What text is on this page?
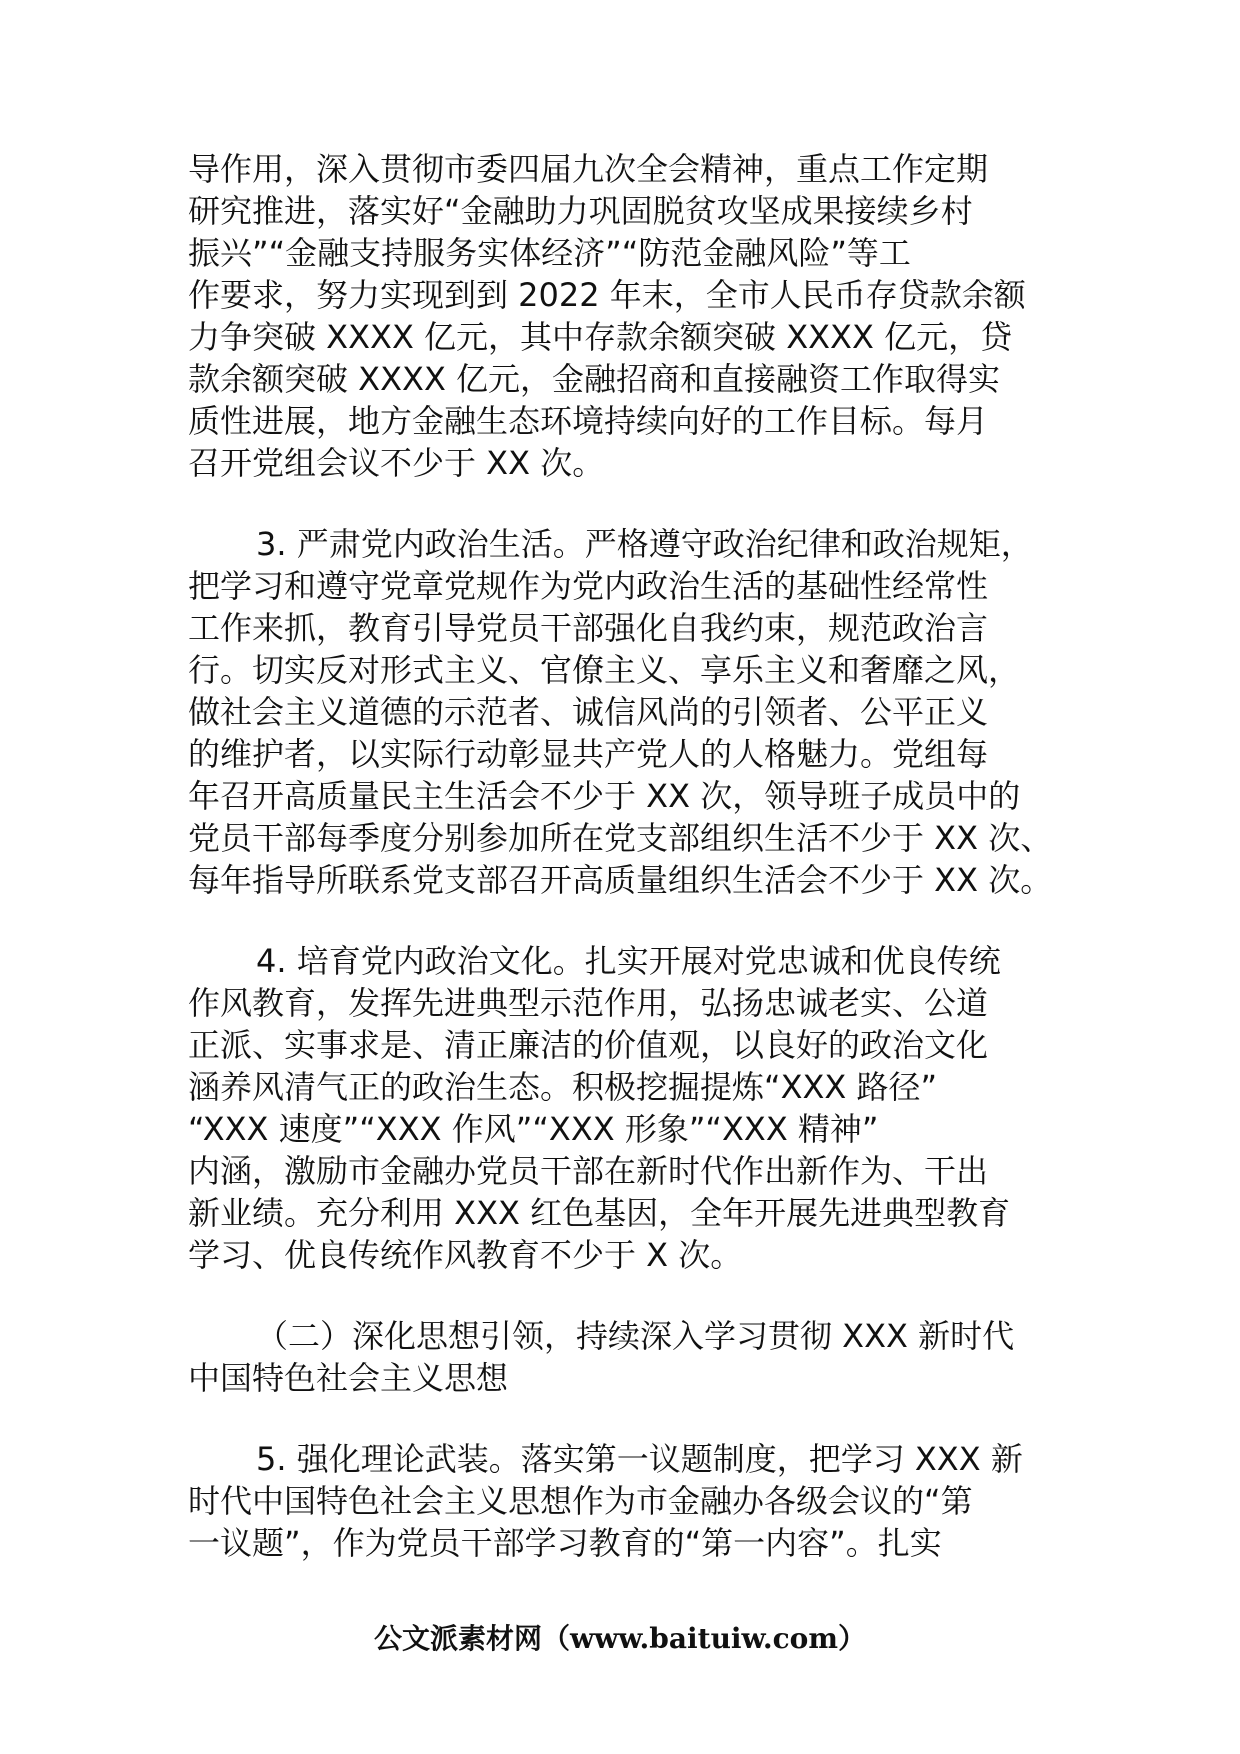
导作用，深入贯彻市委四届九次全会精神，重点工作定期
研究推进，落实好“金融助力巩固脱贫攻坚成果接续乡村
振兴”“金融支持服务实体经济”“防范金融风险”等工
作要求，努力实现到到 2022 年末，全市人民币存贷款余额
力争突破 XXXX 亿元，其中存款余额突破 XXXX 亿元，贷
款余额突破 XXXX 亿元，金融招商和直接融资工作取得实
质性进展，地方金融生态环境持续向好的工作目标。每月
召开党组会议不少于 XX 次。

3. 严肃党内政治生活。严格遵守政治纪律和政治规矩，
把学习和遵守党章党规作为党内政治生活的基础性经常性
工作来抓，教育引导党员干部强化自我约束，规范政治言
行。切实反对形式主义、官僚主义、享乐主义和奢靡之风，
做社会主义道德的示范者、诚信风尚的引领者、公平正义
的维护者，以实际行动彰显共产党人的人格魅力。党组每
年召开高质量民主生活会不少于 XX 次，领导班子成员中的
党员干部每季度分别参加所在党支部组织生活不少于 XX 次、
每年指导所联系党支部召开高质量组织生活会不少于 XX 次。

4. 培育党内政治文化。扎实开展对党忠诚和优良传统
作风教育，发挥先进典型示范作用，弘扬忠诚老实、公道
正派、实事求是、清正廉洁的价值观，以良好的政治文化
涵养风清气正的政治生态。积极挖掘提炼“XXX 路径”
“XXX 速度”“XXX 作风”“XXX 形象”“XXX 精神”
内涵，激励市金融办党员干部在新时代作出新作为、干出
新业绩。充分利用 XXX 红色基因，全年开展先进典型教育
学习、优良传统作风教育不少于 X 次。

（二）深化思想引领，持续深入学习贯彻 XXX 新时代
中国特色社会主义思想

5. 强化理论武装。落实第一议题制度，把学习 XXX 新
时代中国特色社会主义思想作为市金融办各级会议的“第
一议题”，作为党员干部学习教育的“第一内容”。扎实

公文派素材网（www.baituiw.com）
